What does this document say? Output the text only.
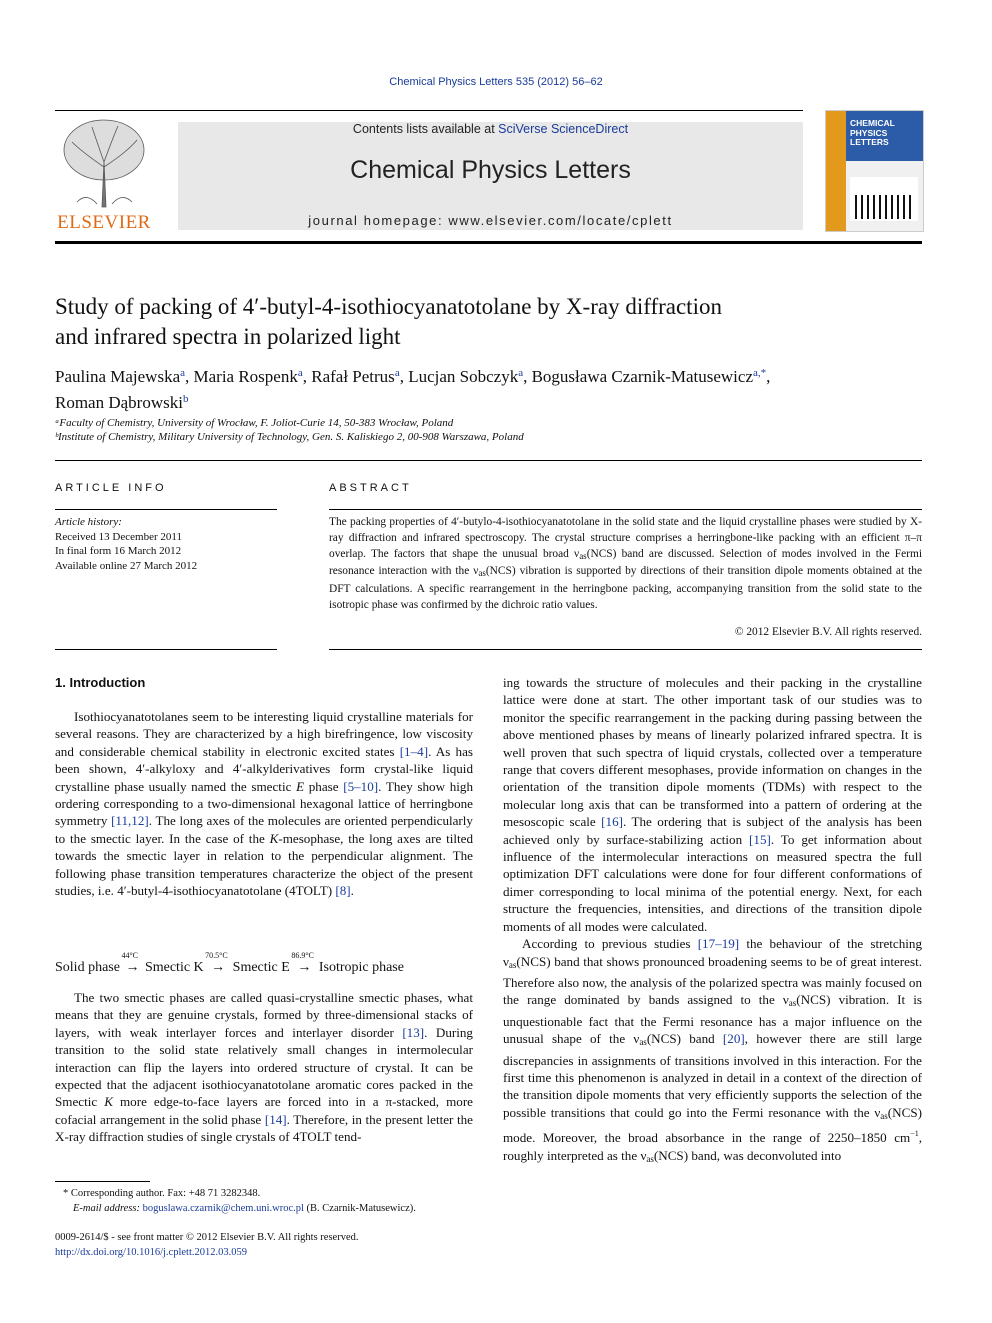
Chemical Physics Letters 535 (2012) 56–62
ELSEVIER
Contents lists available at SciVerse ScienceDirect
Chemical Physics Letters
journal homepage: www.elsevier.com/locate/cplett
CHEMICAL
PHYSICS
LETTERS
Study of packing of 4′-butyl-4-isothiocyanatotolane by X-ray diffraction
and infrared spectra in polarized light
Paulina Majewska$^a$, Maria Rospenk$^a$, Rafał Petrus$^a$, Lucjan Sobczyk$^a$, Bogusława Czarnik-Matusewicz$^{a,*}$,
Roman Dąbrowski$^b$
ᵃFaculty of Chemistry, University of Wrocław, F. Joliot-Curie 14, 50-383 Wrocław, Poland
ᵇInstitute of Chemistry, Military University of Technology, Gen. S. Kaliskiego 2, 00-908 Warszawa, Poland
ARTICLE INFO
Article history:
Received 13 December 2011
In final form 16 March 2012
Available online 27 March 2012
ABSTRACT
The packing properties of 4′-butylo-4-isothiocyanatotolane in the solid state and the liquid crystalline phases were studied by X-ray diffraction and infrared spectroscopy. The crystal structure comprises a herringbone-like packing with an efficient π–π overlap. The factors that shape the unusual broad $\nu_{as}(NCS)$ band are discussed. Selection of modes involved in the Fermi resonance interaction with the $\nu_{as}(NCS)$ vibration is supported by directions of their transition dipole moments obtained at the DFT calculations. A specific rearrangement in the herringbone packing, accompanying transition from the solid state to the isotropic phase was confirmed by the dichroic ratio values.
© 2012 Elsevier B.V. All rights reserved.
1. Introduction

Isothiocyanatotolanes seem to be interesting liquid crystalline materials for several reasons. They are characterized by a high birefringence, low viscosity and considerable chemical stability in electronic excited states [1–4]. As has been shown, 4′-alkyloxy and 4′-alkylderivatives form crystal-like liquid crystalline phase usually named the smectic E phase [5–10]. They show high ordering corresponding to a two-dimensional hexagonal lattice of herringbone symmetry [11,12]. The long axes of the molecules are oriented perpendicularly to the smectic layer. In the case of the K-mesophase, the long axes are tilted towards the smectic layer in relation to the perpendicular alignment. The following phase transition temperatures characterize the object of the present studies, i.e. 4′-butyl-4-isothiocyanatotolane (4TOLT) [8].

Solid phase →
44°C
Smectic K →
70.5°C
Smectic E →
86.9°C
Isotropic phase

The two smectic phases are called quasi-crystalline smectic phases, what means that they are genuine crystals, formed by three-dimensional stacks of layers, with weak interlayer forces and interlayer disorder [13]. During transition to the solid state relatively small changes in intermolecular interaction can flip the layers into ordered structure of crystal. It can be expected that the adjacent isothiocyanatotolane aromatic cores packed in the Smectic K more edge-to-face layers are forced into in a π-stacked, more cofacial arrangement in the solid phase [14]. Therefore, in the present letter the X-ray diffraction studies of single crystals of 4TOLT tend-

ing towards the structure of molecules and their packing in the crystalline lattice were done at start. The other important task of our studies was to monitor the specific rearrangement in the packing during passing between the above mentioned phases by means of linearly polarized infrared spectra. It is well proven that such spectra of liquid crystals, collected over a temperature range that covers different mesophases, provide information on changes in the orientation of the transition dipole moments (TDMs) with respect to the molecular long axis that can be transformed into a pattern of ordering at the mesoscopic scale [16]. The ordering that is subject of the analysis has been achieved only by surface-stabilizing action [15]. To get information about influence of the intermolecular interactions on measured spectra the full optimization DFT calculations were done for four different conformations of dimer corresponding to local minima of the potential energy. Next, for each structure the frequencies, intensities, and directions of the transition dipole moments of all modes were calculated.

According to previous studies [17–19] the behaviour of the stretching $\nu_{as}(NCS)$ band that shows pronounced broadening seems to be of great interest. Therefore also now, the analysis of the polarized spectra was mainly focused on the range dominated by bands assigned to the $\nu_{as}(NCS)$ vibration. It is unquestionable fact that the Fermi resonance has a major influence on the unusual shape of the $\nu_{as}(NCS)$ band [20], however there are still large discrepancies in assignments of transitions involved in this interaction. For the first time this phenomenon is analyzed in detail in a context of the direction of the transition dipole moments that very efficiently supports the selection of the possible transitions that could go into the Fermi resonance with the $\nu_{as}(NCS)$ mode. Moreover, the broad absorbance in the range of 2250–1850 $cm^{-1}$, roughly interpreted as the $\nu_{as}(NCS)$ band, was deconvoluted into

* Corresponding author. Fax: +48 71 3282348.
E-mail address: boguslawa.czarnik@chem.uni.wroc.pl (B. Czarnik-Matusewicz).
0009-2614/$ - see front matter © 2012 Elsevier B.V. All rights reserved.
http://dx.doi.org/10.1016/j.cplett.2012.03.059
